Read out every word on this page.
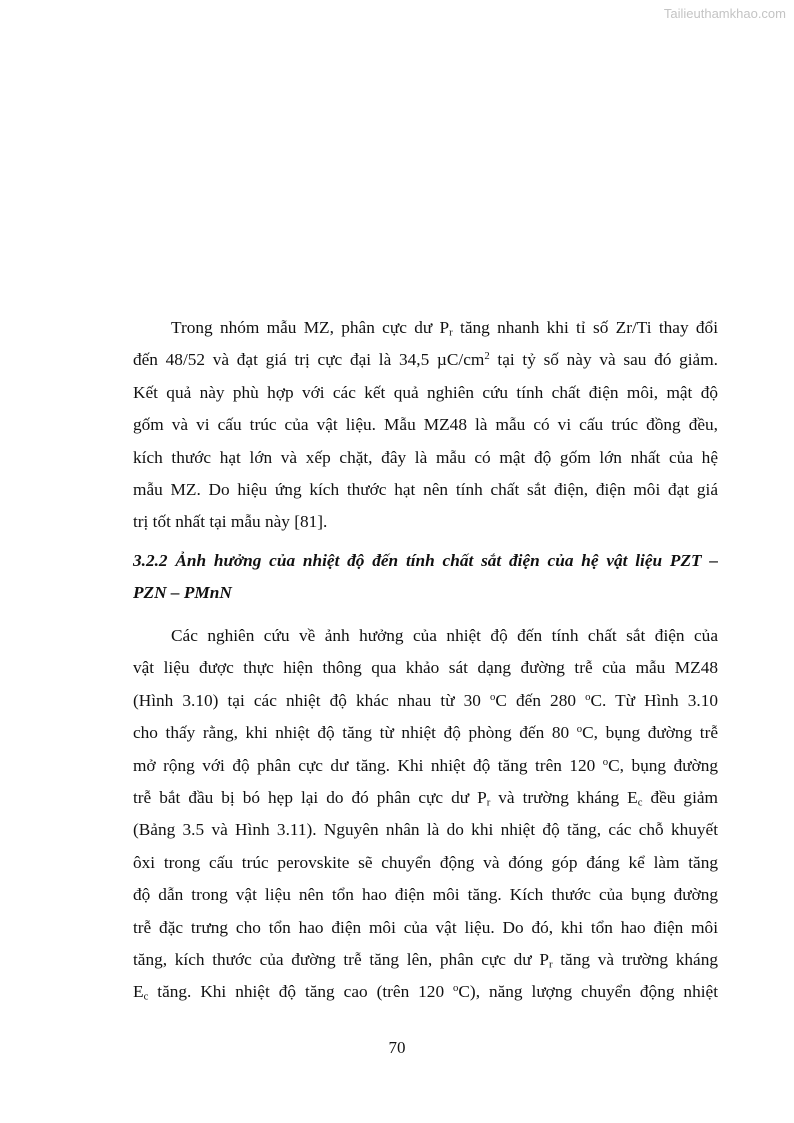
Tailieuthamkhao.com

Trong nhóm mẫu MZ, phân cực dư $P_r$ tăng nhanh khi tỉ số Zr/Ti thay đổi
đến 48/52 và đạt giá trị cực đại là 34,5 $\mu C/cm^2$ tại tỷ số này và sau đó giảm.
Kết quả này phù hợp với các kết quả nghiên cứu tính chất điện môi, mật độ
gốm và vi cấu trúc của vật liệu. Mẫu MZ48 là mẫu có vi cấu trúc đồng đều,
kích thước hạt lớn và xếp chặt, đây là mẫu có mật độ gốm lớn nhất của hệ
mẫu MZ. Do hiệu ứng kích thước hạt nên tính chất sắt điện, điện môi đạt giá
trị tốt nhất tại mẫu này [81].

3.2.2 Ảnh hưởng của nhiệt độ đến tính chất sắt điện của hệ vật liệu PZT –
PZN – PMnN

Các nghiên cứu về ảnh hưởng của nhiệt độ đến tính chất sắt điện của
vật liệu được thực hiện thông qua khảo sát dạng đường trễ của mẫu MZ48
(Hình 3.10) tại các nhiệt độ khác nhau từ 30 $^o$C đến 280 $^o$C. Từ Hình 3.10
cho thấy rằng, khi nhiệt độ tăng từ nhiệt độ phòng đến 80 $^o$C, bụng đường trễ
mở rộng với độ phân cực dư tăng. Khi nhiệt độ tăng trên 120 $^o$C, bụng đường
trễ bắt đầu bị bó hẹp lại do đó phân cực dư $P_r$ và trường kháng $E_c$ đều giảm
(Bảng 3.5 và Hình 3.11). Nguyên nhân là do khi nhiệt độ tăng, các chỗ khuyết
ôxi trong cấu trúc perovskite sẽ chuyển động và đóng góp đáng kể làm tăng
độ dẫn trong vật liệu nên tổn hao điện môi tăng. Kích thước của bụng đường
trễ đặc trưng cho tổn hao điện môi của vật liệu. Do đó, khi tổn hao điện môi
tăng, kích thước của đường trễ tăng lên, phân cực dư $P_r$ tăng và trường kháng
$E_c$ tăng. Khi nhiệt độ tăng cao (trên 120 $^o$C), năng lượng chuyển động nhiệt

70
